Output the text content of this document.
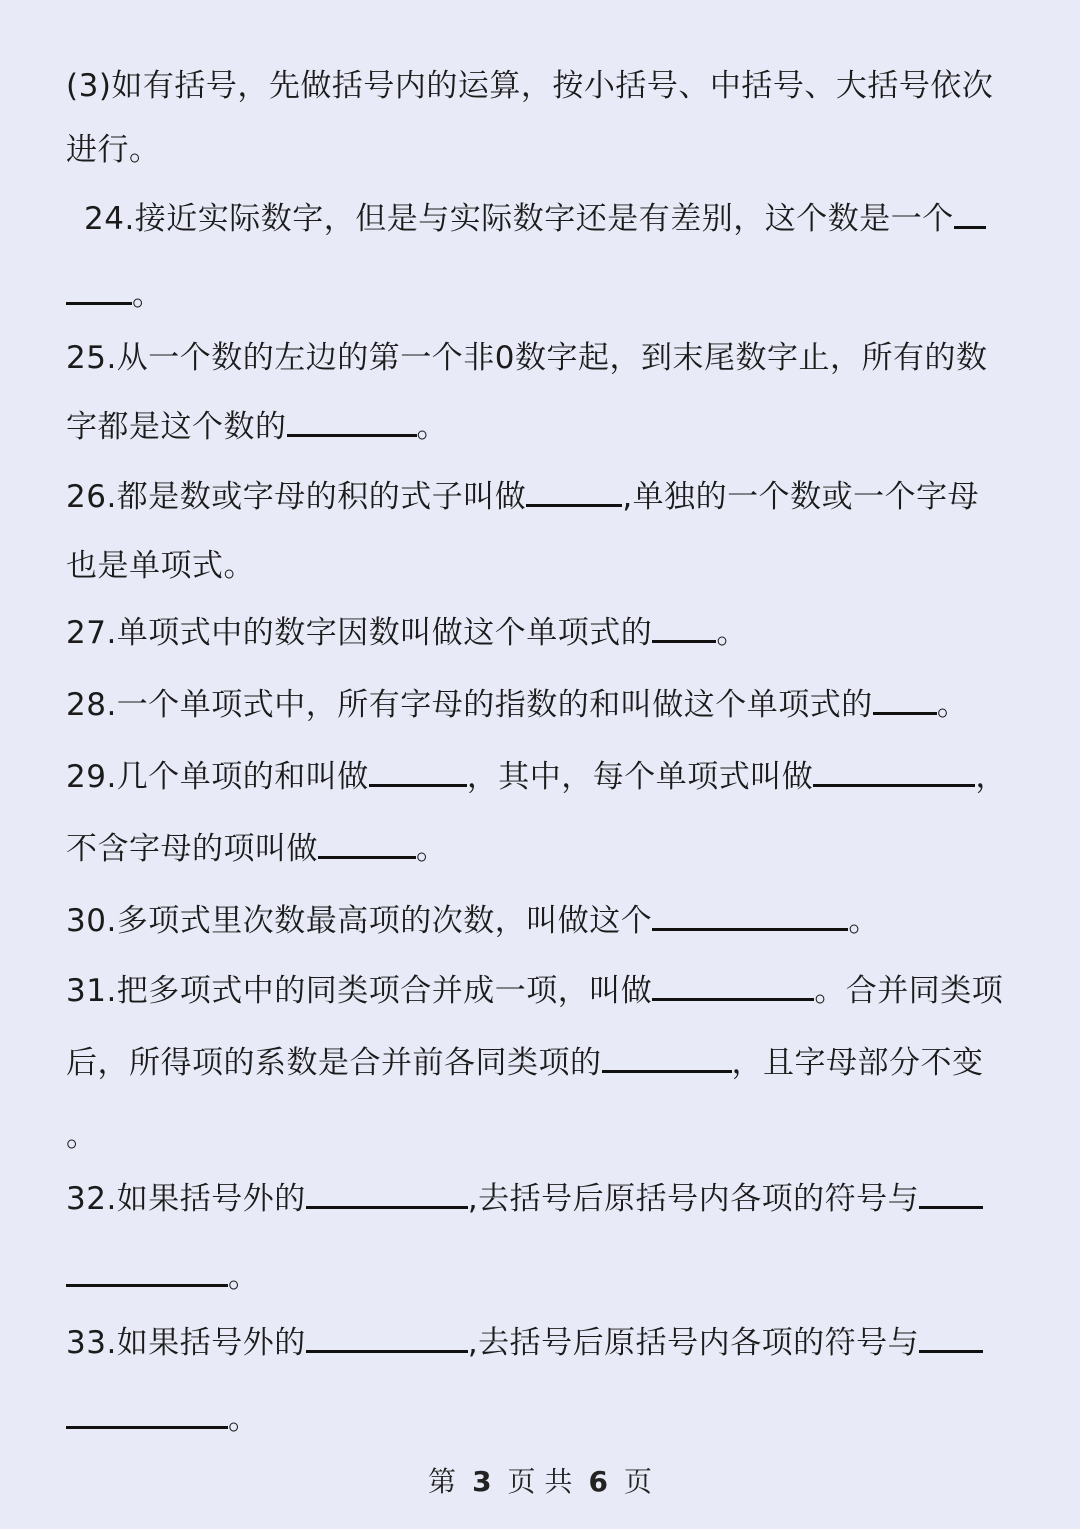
(3)如有括号，先做括号内的运算，按小括号、中括号、大括号依次
进行。
24.接近实际数字，但是与实际数字还是有差别，这个数是一个
。
25.从一个数的左边的第一个非0数字起，到末尾数字止，所有的数
字都是这个数的	。
26.都是数或字母的积的式子叫做	,单独的一个数或一个字母
也是单项式。
27.单项式中的数字因数叫做这个单项式的 。
28.一个单项式中，所有字母的指数的和叫做这个单项式的 。
29.几个单项的和叫做	，其中，每个单项式叫做	，
不含字母的项叫做	。
30.多项式里次数最高项的次数，叫做这个	。
31.把多项式中的同类项合并成一项，叫做	。合并同类项
后，所得项的系数是合并前各同类项的	，且字母部分不变
。
32.如果括号外的	,去括号后原括号内各项的符号与
。
33.如果括号外的	,去括号后原括号内各项的符号与
。
第 3 页 共 6 页
